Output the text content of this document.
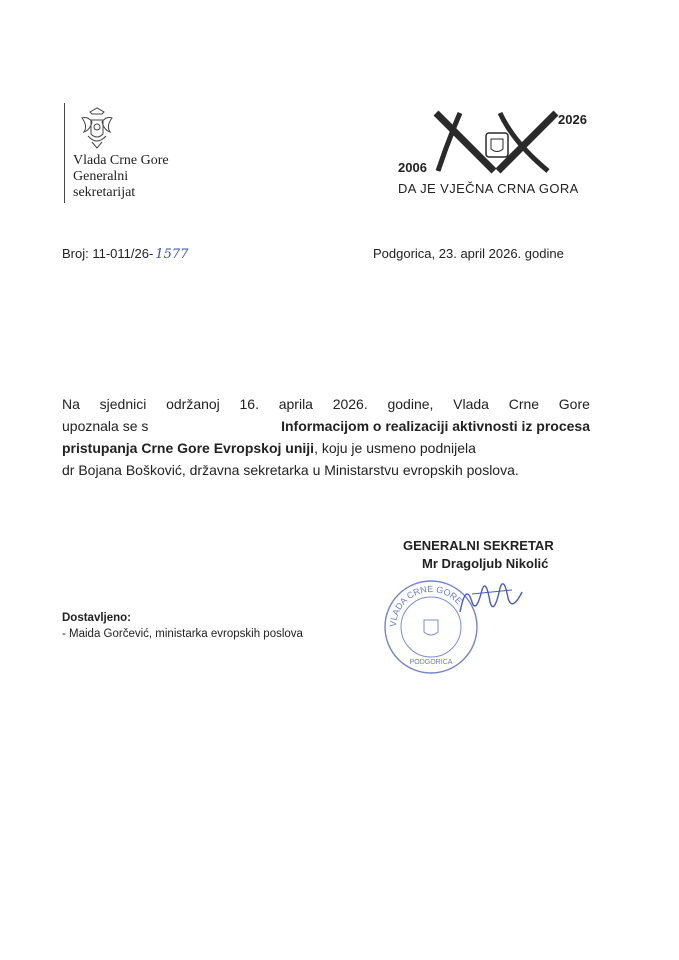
Vlada Crne Gore
Generalni
sekretarijat
2006
2026
DA JE VJEČNA CRNA GORA
Broj: 11-011/26- 1577	Podgorica, 23. april 2026. godine
Na sjednici održanoj 16. aprila 2026. godine, Vlada Crne Gore
upoznala se s	Informacijom o realizaciji aktivnosti iz procesa
pristupanja Crne Gore Evropskoj uniji , koju je usmeno podnijela
dr Bojana Bošković, državna sekretarka u Ministarstvu evropskih poslova.
GENERALNI SEKRETAR
Mr Dragoljub Nikolić
VLADA CRNE GORE
PODGORICA
Dostavljeno:
- Maida Gorčević, ministarka evropskih poslova
